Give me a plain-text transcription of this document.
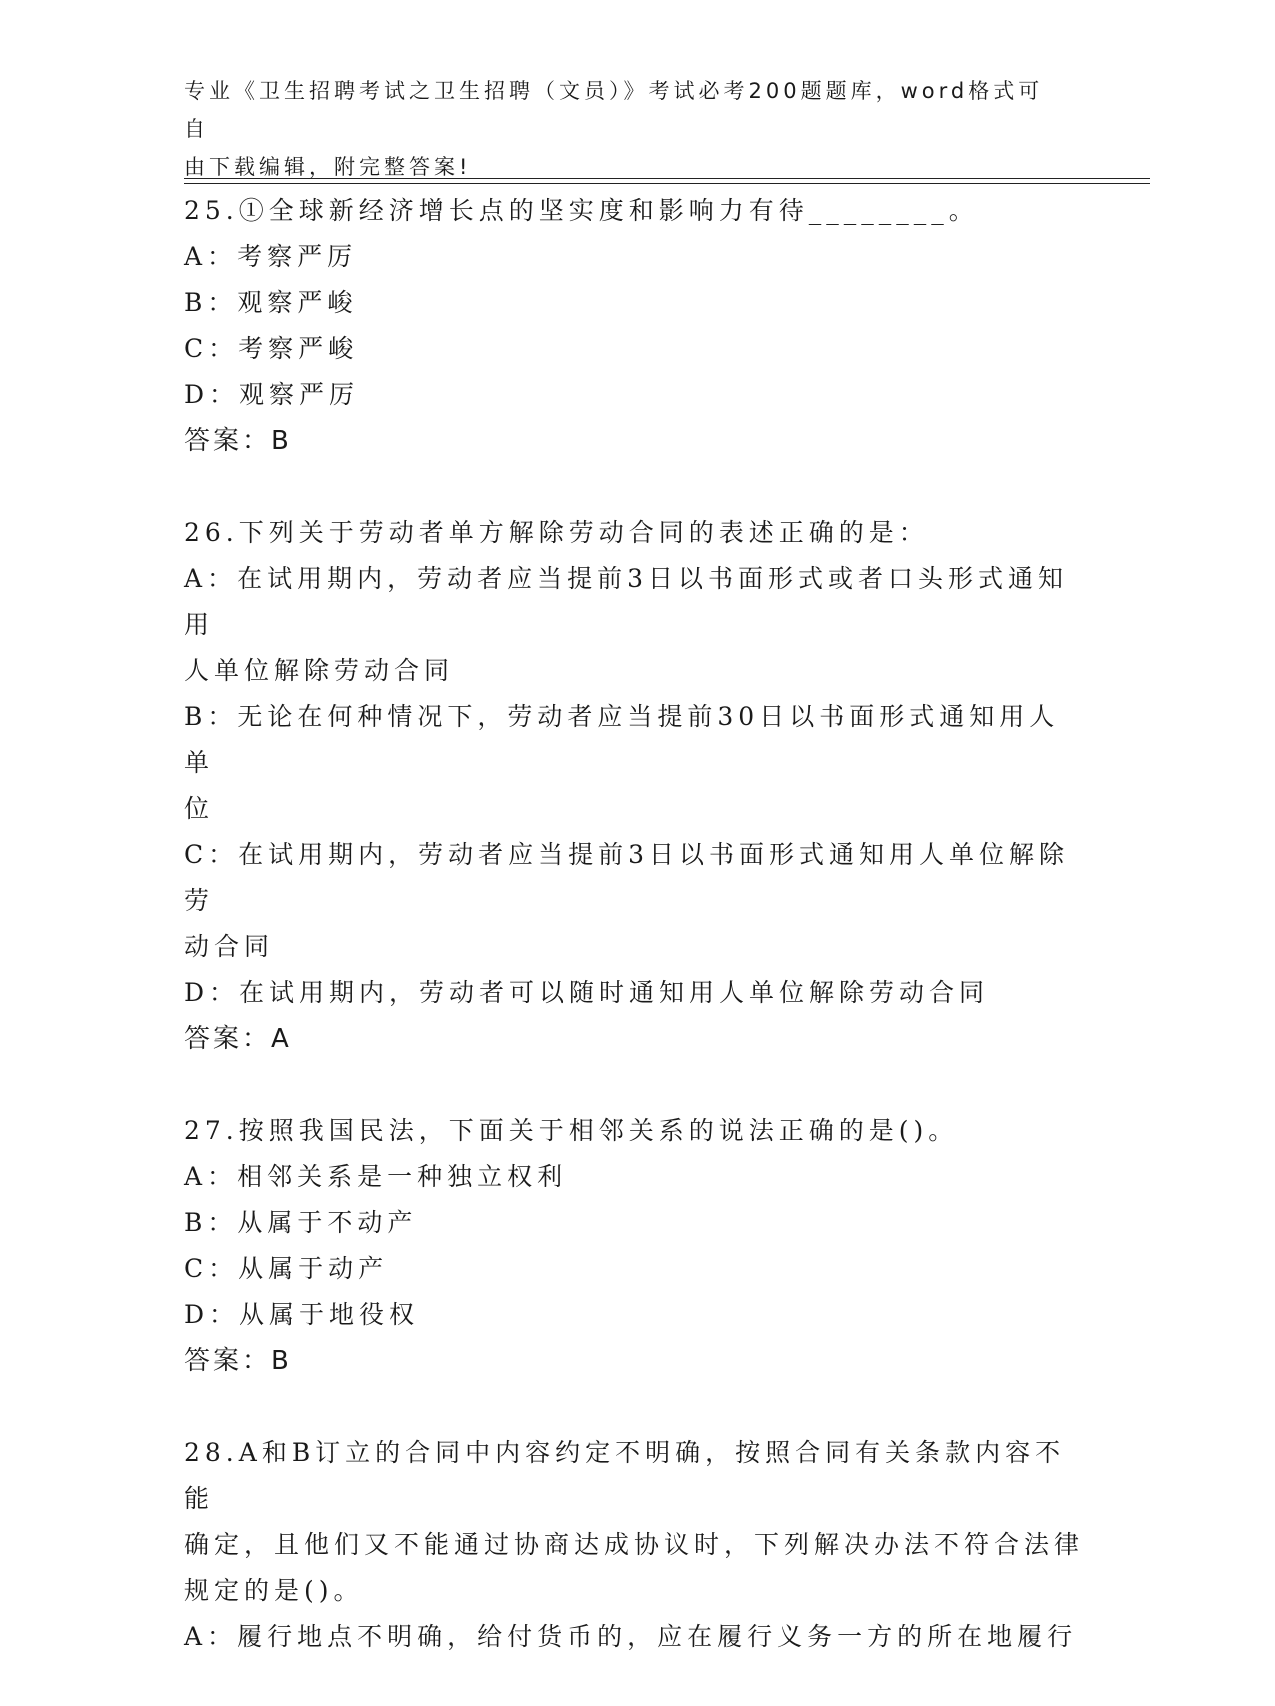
专业《卫生招聘考试之卫生招聘（文员）》考试必考200题题库，word格式可自
由下载编辑，附完整答案!
25.①全球新经济增长点的坚实度和影响力有待________。
A：考察严厉
B：观察严峻
C：考察严峻
D：观察严厉
答案：B
26.下列关于劳动者单方解除劳动合同的表述正确的是：
A：在试用期内，劳动者应当提前3日以书面形式或者口头形式通知用
人单位解除劳动合同
B：无论在何种情况下，劳动者应当提前30日以书面形式通知用人单
位
C：在试用期内，劳动者应当提前3日以书面形式通知用人单位解除劳
动合同
D：在试用期内，劳动者可以随时通知用人单位解除劳动合同
答案：A
27.按照我国民法，下面关于相邻关系的说法正确的是()。
A：相邻关系是一种独立权利
B：从属于不动产
C：从属于动产
D：从属于地役权
答案：B
28.A和B订立的合同中内容约定不明确，按照合同有关条款内容不能
确定，且他们又不能通过协商达成协议时，下列解决办法不符合法律
规定的是()。
A：履行地点不明确，给付货币的，应在履行义务一方的所在地履行
